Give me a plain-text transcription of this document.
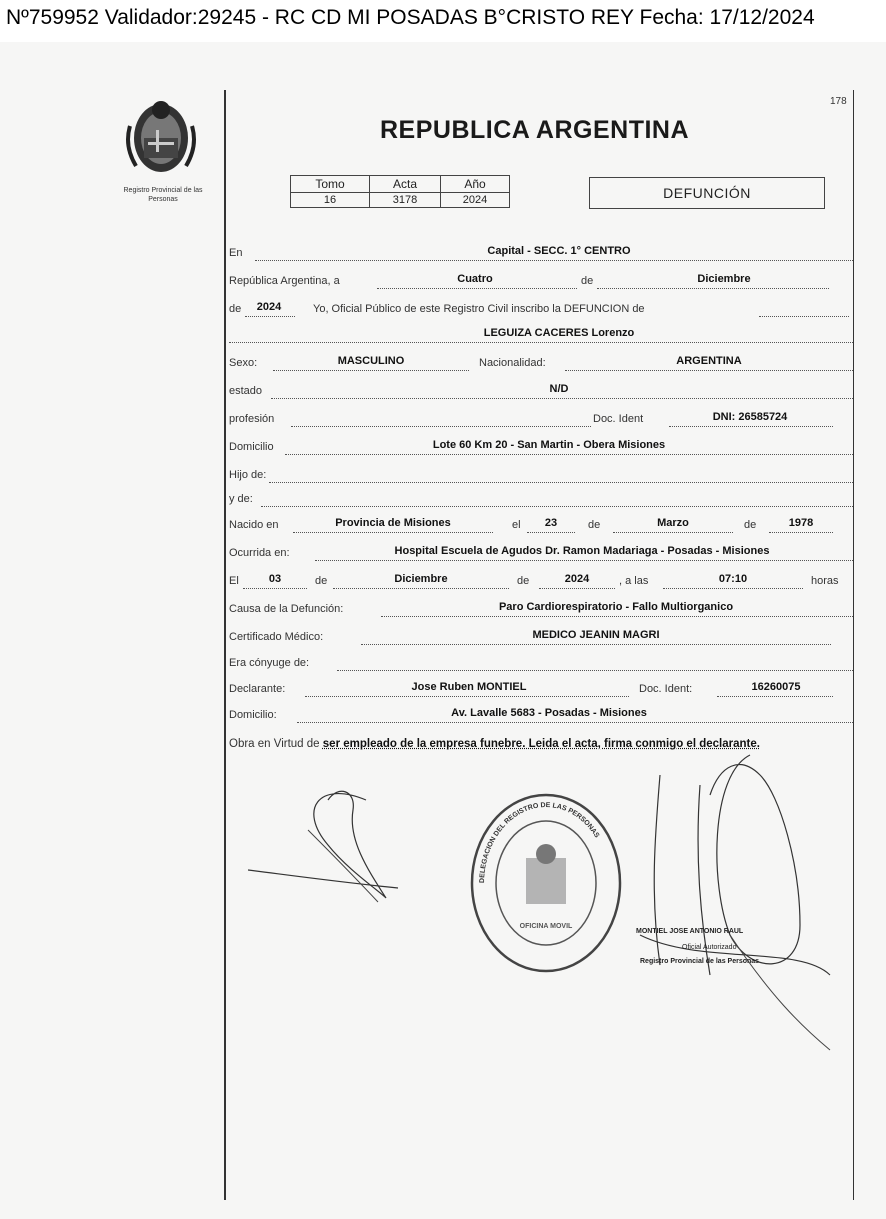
Nº759952 Validador:29245 - RC CD MI POSADAS B°CRISTO REY Fecha: 17/12/2024
Registro Provincial de las Personas
178
REPUBLICA ARGENTINA
Tomo	Acta	Año
16	3178	2024	DEFUNCIÓN
En	Capital - SECC. 1° CENTRO
República Argentina, a	Cuatro	de	Diciembre
de	2024	Yo, Oficial Público de este Registro Civil inscribo la DEFUNCION de
LEGUIZA CACERES Lorenzo
Sexo:	MASCULINO	Nacionalidad:	ARGENTINA
estado	N/D
profesión	Doc. Ident	DNI: 26585724
Domicilio	Lote 60 Km 20 - San Martin - Obera Misiones
Hijo de:
y de:
Nacido en	Provincia de Misiones	el	23	de	Marzo	de	1978
Ocurrida en:	Hospital Escuela de Agudos Dr. Ramon Madariaga - Posadas - Misiones
El	03	de	Diciembre	de	2024	, a las	07:10	horas
Causa de la Defunción:	Paro Cardiorespiratorio - Fallo Multiorganico
Certificado Médico:	MEDICO JEANIN MAGRI
Era cónyuge de:
Declarante:	Jose Ruben MONTIEL	Doc. Ident:	16260075
Domicilio:	Av. Lavalle 5683 - Posadas - Misiones
Obra en Virtud de ser empleado de la empresa funebre. Leida el acta, firma conmigo el declarante.
DELEGACION DEL REGISTRO DE LAS PERSONAS
OFICINA MOVIL
MONTIEL JOSE ANTONIO RAUL
Oficial Autorizado
Registro Provincial de las Personas
